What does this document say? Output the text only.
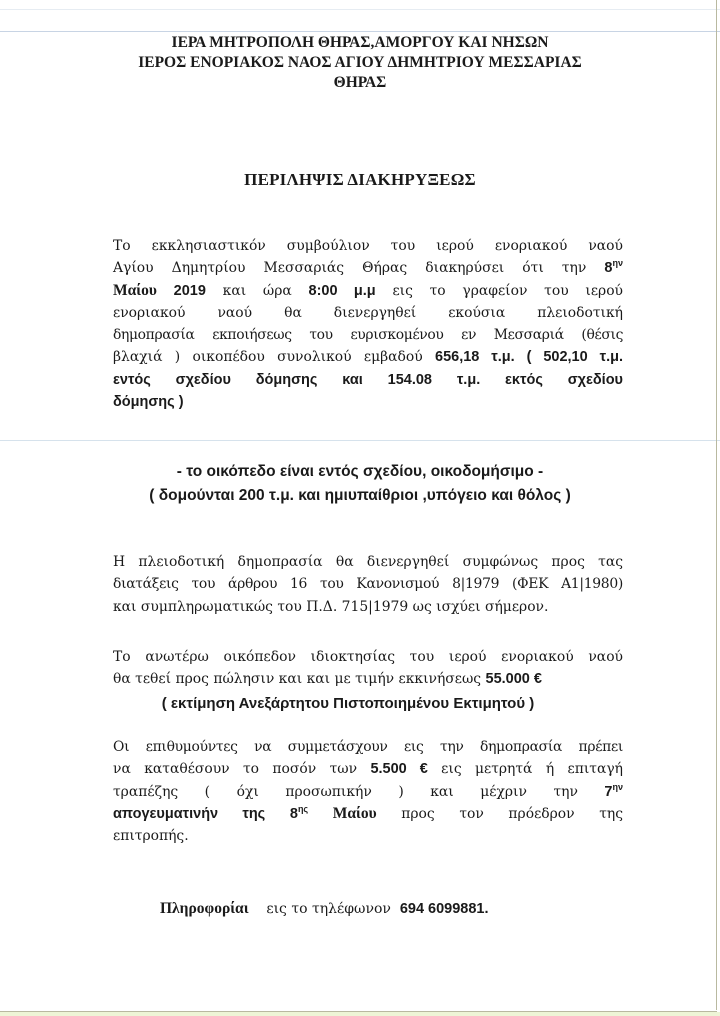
ΙΕΡΑ ΜΗΤΡΟΠΟΛΗ ΘΗΡΑΣ,ΑΜΟΡΓΟΥ ΚΑΙ ΝΗΣΩΝ
ΙΕΡΟΣ ΕΝΟΡΙΑΚΟΣ ΝΑΟΣ ΑΓΙΟΥ ΔΗΜΗΤΡΙΟΥ ΜΕΣΣΑΡΙΑΣ
ΘΗΡΑΣ
ΠΕΡΙΛΗΨΙΣ ΔΙΑΚΗΡΥΞΕΩΣ
Το εκκλησιαστικόν συμβούλιον του ιερού ενοριακού ναού
Αγίου Δημητρίου Μεσσαριάς Θήρας διακηρύσει ότι την $8^{\eta\nu}$
Μαίου 2019 και ώρα 8:00 μ.μ εις το γραφείον του ιερού
ενοριακού ναού θα διενεργηθεί εκούσια πλειοδοτική
δημοπρασία εκποιήσεως του ευρισκομένου εν Μεσσαριά (θέσις
βλαχιά ) οικοπέδου συνολικού εμβαδού 656,18 τ.μ. ( 502,10 τ.μ.
εντός σχεδίου δόμησης και 154.08 τ.μ. εκτός σχεδίου
δόμησης )
- το οικόπεδο είναι εντός σχεδίου, οικοδομήσιμο -
( δομούνται 200 τ.μ. και ημιυπαίθριοι ,υπόγειο και θόλος )
Η πλειοδοτική δημοπρασία θα διενεργηθεί συμφώνως προς τας
διατάξεις του άρθρου 16 του Κανονισμού 8|1979 (ΦΕΚ Α1|1980)
και συμπληρωματικώς του Π.Δ. 715|1979 ως ισχύει σήμερον.
Το ανωτέρω οικόπεδον ιδιοκτησίας του ιερού ενοριακού ναού
θα τεθεί προς πώλησιν και και με τιμήν εκκινήσεως 55.000 €
( εκτίμηση Ανεξάρτητου Πιστοποιημένου Εκτιμητού )
Οι επιθυμούντες να συμμετάσχουν εις την δημοπρασία πρέπει
να καταθέσουν το ποσόν των 5.500 € εις μετρητά ή επιταγή
τραπέζης ( όχι προσωπικήν ) και μέχριν την $7^{\eta\nu}$
απογευματινήν της $8^{\eta\varsigma}$ Μαίου προς τον πρόεδρον της
επιτροπής.
Πληροφορίαι εις το τηλέφωνον 694 6099881.
